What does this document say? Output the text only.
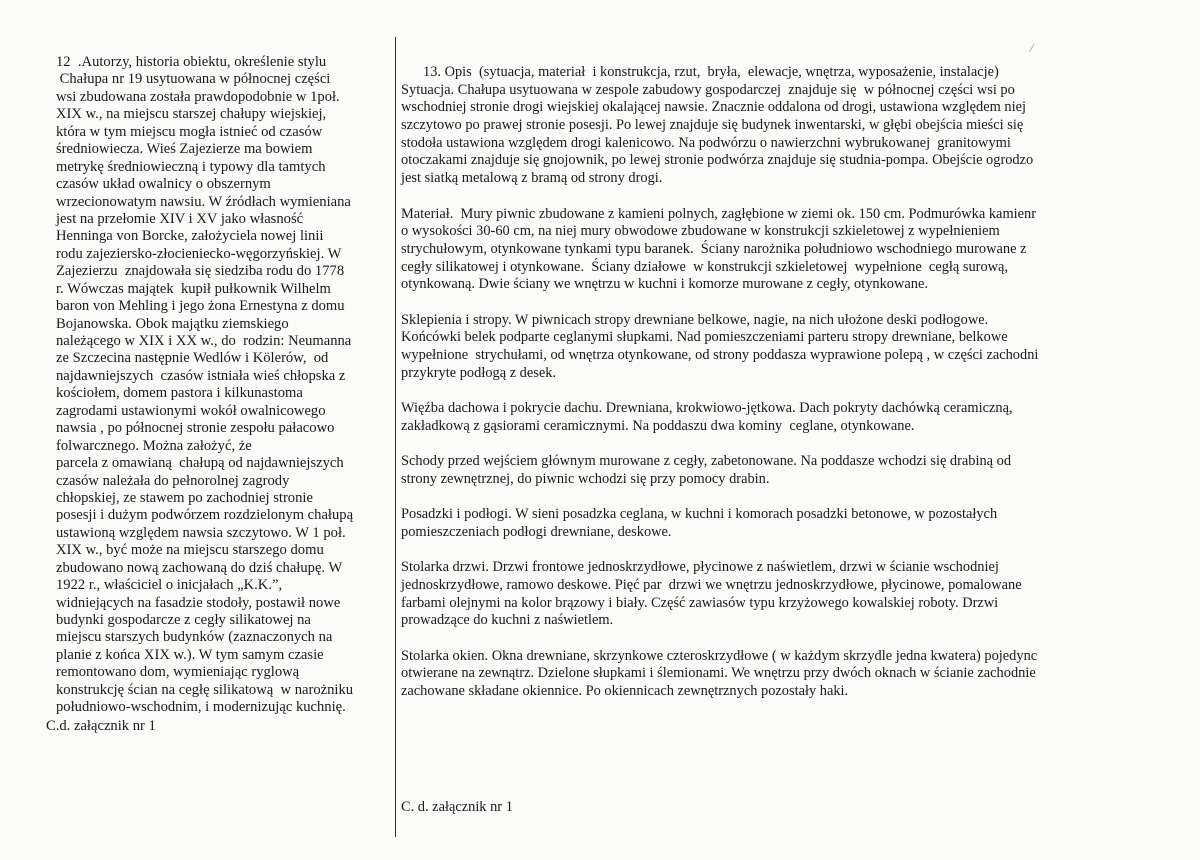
/
12  .Autorzy, historia obiektu, określenie stylu
Chałupa nr 19 usytuowana w północnej części
wsi zbudowana została prawdopodobnie w 1poł.
XIX w., na miejscu starszej chałupy wiejskiej,
która w tym miejscu mogła istnieć od czasów
średniowiecza. Wieś Zajezierze ma bowiem
metrykę średniowieczną i typowy dla tamtych
czasów układ owalnicy o obszernym
wrzecionowatym nawsiu. W źródłach wymieniana
jest na przełomie XIV i XV jako własność
Henninga von Borcke, założyciela nowej linii
rodu zajeziersko-złocieniecko-węgorzyńskiej. W
Zajezierzu  znajdowała się siedziba rodu do 1778
r. Wówczas majątek  kupił pułkownik Wilhelm
baron von Mehling i jego żona Ernestyna z domu
Bojanowska. Obok majątku ziemskiego
należącego w XIX i XX w., do  rodzin: Neumanna
ze Szczecina następnie Wedlów i Kölerów,  od
najdawniejszych  czasów istniała wieś chłopska z
kościołem, domem pastora i kilkunastoma
zagrodami ustawionymi wokół owalnicowego
nawsia , po północnej stronie zespołu pałacowo
folwarcznego. Można założyć, że
parcela z omawianą  chałupą od najdawniejszych
czasów należała do pełnorolnej zagrody
chłopskiej, ze stawem po zachodniej stronie
posesji i dużym podwórzem rozdzielonym chałupą
ustawioną względem nawsia szczytowo. W 1 poł.
XIX w., być może na miejscu starszego domu
zbudowano nową zachowaną do dziś chałupę. W
1922 r., właściciel o inicjałach „K.K.”,
widniejących na fasadzie stodoły, postawił nowe
budynki gospodarcze z cegły silikatowej na
miejscu starszych budynków (zaznaczonych na
planie z końca XIX w.). W tym samym czasie
remontowano dom, wymieniając ryglową
konstrukcję ścian na cegłę silikatową  w narożniku
południowo-wschodnim, i modernizując kuchnię.
C.d. załącznik nr 1
13. Opis  (sytuacja, materiał  i konstrukcja, rzut,  bryła,  elewacje, wnętrza, wyposażenie, instalacje)
Sytuacja. Chałupa usytuowana w zespole zabudowy gospodarczej  znajduje się  w północnej części wsi po
wschodniej stronie drogi wiejskiej okalającej nawsie. Znacznie oddalona od drogi, ustawiona względem niej
szczytowo po prawej stronie posesji. Po lewej znajduje się budynek inwentarski, w głębi obejścia mieści się
stodoła ustawiona względem drogi kalenicowo. Na podwórzu o nawierzchni wybrukowanej  granitowymi
otoczakami znajduje się gnojownik, po lewej stronie podwórza znajduje się studnia-pompa. Obejście ogrodzo
jest siatką metalową z bramą od strony drogi.
Materiał.  Mury piwnic zbudowane z kamieni polnych, zagłębione w ziemi ok. 150 cm. Podmurówka kamienr
o wysokości 30-60 cm, na niej mury obwodowe zbudowane w konstrukcji szkieletowej z wypełnieniem
strychułowym, otynkowane tynkami typu baranek.  Ściany narożnika południowo wschodniego murowane z
cegły silikatowej i otynkowane.  Ściany działowe  w konstrukcji szkieletowej  wypełnione  cegłą surową,
otynkowaną. Dwie ściany we wnętrzu w kuchni i komorze murowane z cegły, otynkowane.
Sklepienia i stropy. W piwnicach stropy drewniane belkowe, nagie, na nich ułożone deski podłogowe.
Końcówki belek podparte ceglanymi słupkami. Nad pomieszczeniami parteru stropy drewniane, belkowe
wypełnione  strychułami, od wnętrza otynkowane, od strony poddasza wyprawione polepą , w części zachodni
przykryte podłogą z desek.
Więźba dachowa i pokrycie dachu. Drewniana, krokwiowo-jętkowa. Dach pokryty dachówką ceramiczną,
zakładkową z gąsiorami ceramicznymi. Na poddaszu dwa kominy  ceglane, otynkowane.
Schody przed wejściem głównym murowane z cegły, zabetonowane. Na poddasze wchodzi się drabiną od
strony zewnętrznej, do piwnic wchodzi się przy pomocy drabin.
Posadzki i podłogi. W sieni posadzka ceglana, w kuchni i komorach posadzki betonowe, w pozostałych
pomieszczeniach podłogi drewniane, deskowe.
Stolarka drzwi. Drzwi frontowe jednoskrzydłowe, płycinowe z naświetlem, drzwi w ścianie wschodniej
jednoskrzydłowe, ramowo deskowe. Pięć par  drzwi we wnętrzu jednoskrzydłowe, płycinowe, pomalowane
farbami olejnymi na kolor brązowy i biały. Część zawiasów typu krzyżowego kowalskiej roboty. Drzwi
prowadzące do kuchni z naświetlem.
Stolarka okien. Okna drewniane, skrzynkowe czteroskrzydłowe ( w każdym skrzydle jedna kwatera) pojedync
otwierane na zewnątrz. Dzielone słupkami i ślemionami. We wnętrzu przy dwóch oknach w ścianie zachodnie
zachowane składane okiennice. Po okiennicach zewnętrznych pozostały haki.
C. d. załącznik nr 1
